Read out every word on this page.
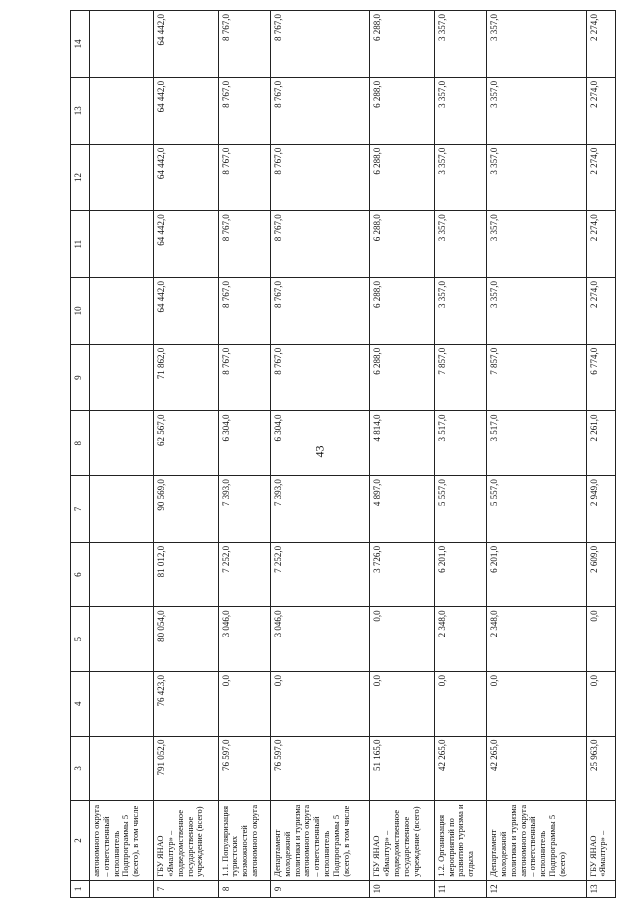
43
1	2	3	4	5	6	7	8	9	10	11	12	13	14
	автономного округа – ответственный исполнитель Подпрограммы 5 (всего), в том числе												
7	ГБУ ЯНАО «Ямалтур» – подведомственное государственное учреждение (всего)	791 052,0	76 423,0	80 054,0	81 012,0	90 569,0	62 567,0	71 862,0	64 442,0	64 442,0	64 442,0	64 442,0	64 442,0
8	1.1. Популяризация туристских возможностей автономного округа	76 597,0	0,0	3 046,0	7 252,0	7 393,0	6 304,0	8 767,0	8 767,0	8 767,0	8 767,0	8 767,0	8 767,0
9	Департамент молодежной политики и туризма автономного округа – ответственный исполнитель Подпрограммы 5 (всего), в том числе	76 597,0	0,0	3 046,0	7 252,0	7 393,0	6 304,0	8 767,0	8 767,0	8 767,0	8 767,0	8 767,0	8 767,0
10	ГБУ ЯНАО «Ямалтур» – подведомственное государственное учреждение (всего)	51 165,0	0,0	0,0	3 726,0	4 897,0	4 814,0	6 288,0	6 288,0	6 288,0	6 288,0	6 288,0	6 288,0
11	1.2. Организация мероприятий по развитию туризма и отдыха	42 265,0	0,0	2 348,0	6 201,0	5 557,0	3 517,0	7 857,0	3 357,0	3 357,0	3 357,0	3 357,0	3 357,0
12	Департамент молодежной политики и туризма автономного округа – ответственный исполнитель Подпрограммы 5 (всего)	42 265,0	0,0	2 348,0	6 201,0	5 557,0	3 517,0	7 857,0	3 357,0	3 357,0	3 357,0	3 357,0	3 357,0
13	ГБУ ЯНАО «Ямалтур» –	25 963,0	0,0	0,0	2 609,0	2 949,0	2 261,0	6 774,0	2 274,0	2 274,0	2 274,0	2 274,0	2 274,0
